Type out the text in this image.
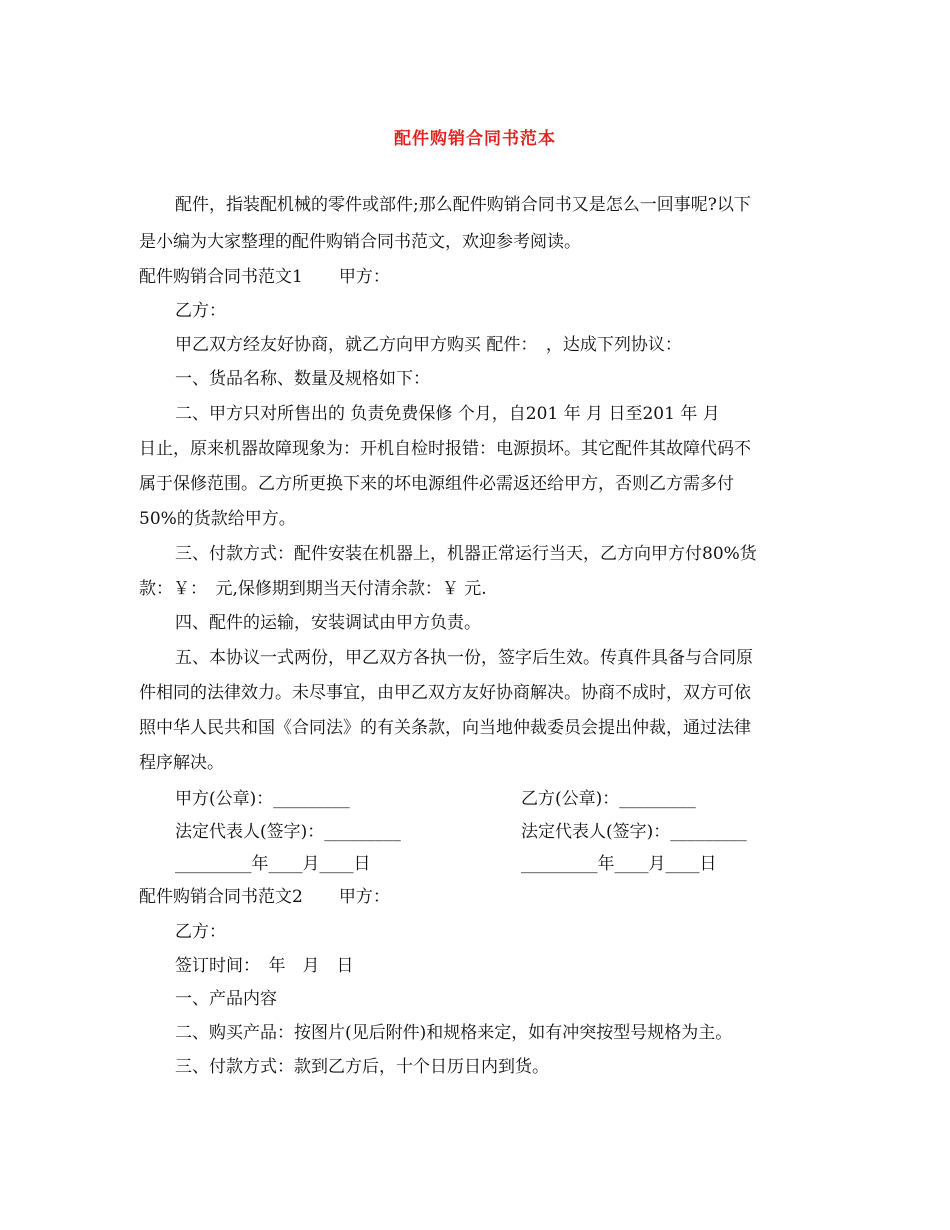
配件购销合同书范本
配件，指装配机械的零件或部件;那么配件购销合同书又是怎么一回事呢?以下
是小编为大家整理的配件购销合同书范文，欢迎参考阅读。
配件购销合同书范文1 甲方：
乙方：
甲乙双方经友好协商，就乙方向甲方购买 配件：　，达成下列协议：
一、货品名称、数量及规格如下：
二、甲方只对所售出的 负责免费保修 个月，自201 年 月 日至201 年 月
日止，原来机器故障现象为：开机自检时报错：电源损坏。其它配件其故障代码不
属于保修范围。乙方所更换下来的坏电源组件必需返还给甲方，否则乙方需多付
50%的货款给甲方。
三、付款方式：配件安装在机器上，机器正常运行当天，乙方向甲方付80%货
款：￥：　元,保修期到期当天付清余款：￥ 元.
四、配件的运输，安装调试由甲方负责。
五、本协议一式两份，甲乙双方各执一份，签字后生效。传真件具备与合同原
件相同的法律效力。未尽事宜，由甲乙双方友好协商解决。协商不成时，双方可依
照中华人民共和国《合同法》的有关条款，向当地仲裁委员会提出仲裁，通过法律
程序解决。
甲方(公章)：_________	乙方(公章)：_________
法定代表人(签字)：_________	法定代表人(签字)：_________
_________年____月____日	_________年____月____日
配件购销合同书范文2 甲方：
乙方：
签订时间：　年　月　日
一、产品内容
二、购买产品：按图片(见后附件)和规格来定，如有冲突按型号规格为主。
三、付款方式：款到乙方后，十个日历日内到货。
